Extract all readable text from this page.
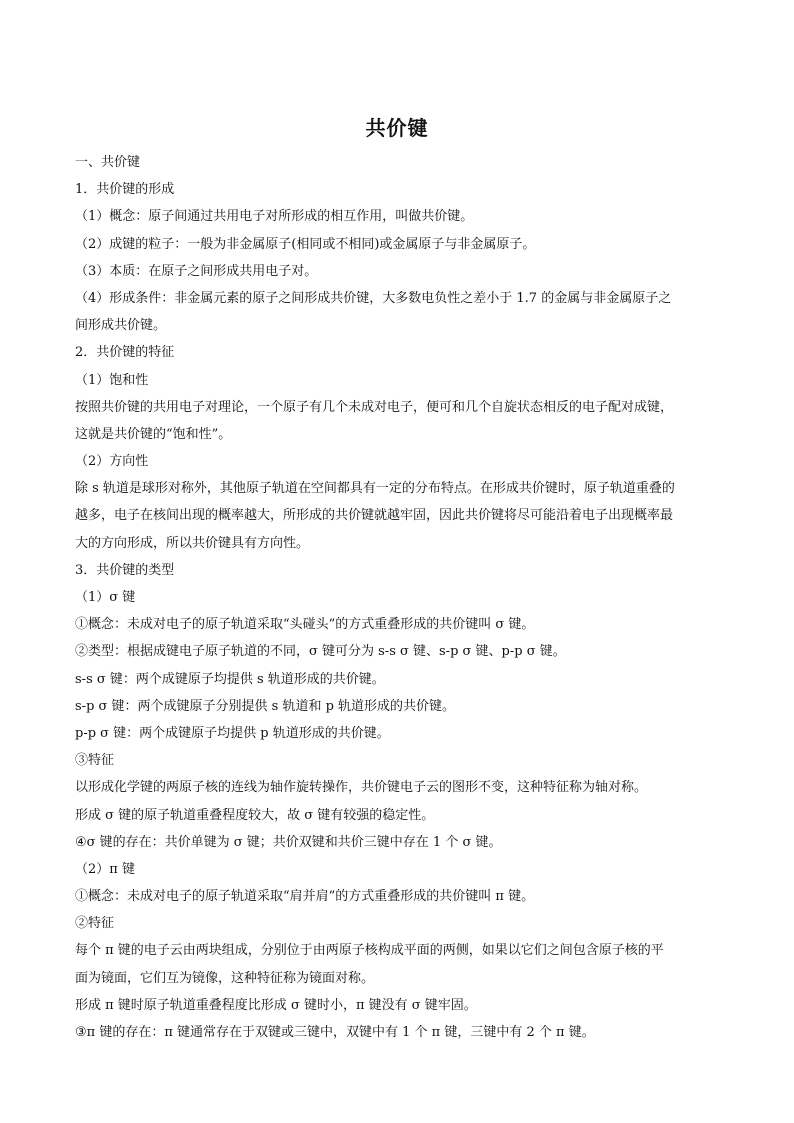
共价键
一、共价键
1．共价键的形成
（1）概念：原子间通过共用电子对所形成的相互作用，叫做共价键。
（2）成键的粒子：一般为非金属原子(相同或不相同)或金属原子与非金属原子。
（3）本质：在原子之间形成共用电子对。
（4）形成条件：非金属元素的原子之间形成共价键，大多数电负性之差小于 1.7 的金属与非金属原子之
间形成共价键。
2．共价键的特征
（1）饱和性
按照共价键的共用电子对理论，一个原子有几个未成对电子，便可和几个自旋状态相反的电子配对成键，
这就是共价键的“饱和性”。
（2）方向性
除 s 轨道是球形对称外，其他原子轨道在空间都具有一定的分布特点。在形成共价键时，原子轨道重叠的
越多，电子在核间出现的概率越大，所形成的共价键就越牢固，因此共价键将尽可能沿着电子出现概率最
大的方向形成，所以共价键具有方向性。
3．共价键的类型
（1）σ 键
①概念：未成对电子的原子轨道采取“头碰头”的方式重叠形成的共价键叫 σ 键。
②类型：根据成键电子原子轨道的不同，σ 键可分为 s-s σ 键、s-p σ 键、p-p σ 键。
s-s σ 键：两个成键原子均提供 s 轨道形成的共价键。
s-p σ 键：两个成键原子分别提供 s 轨道和 p 轨道形成的共价键。
p-p σ 键：两个成键原子均提供 p 轨道形成的共价键。
③特征
以形成化学键的两原子核的连线为轴作旋转操作，共价键电子云的图形不变，这种特征称为轴对称。
形成 σ 键的原子轨道重叠程度较大，故 σ 键有较强的稳定性。
④σ 键的存在：共价单键为 σ 键；共价双键和共价三键中存在 1 个 σ 键。
（2）π 键
①概念：未成对电子的原子轨道采取“肩并肩”的方式重叠形成的共价键叫 π 键。
②特征
每个 π 键的电子云由两块组成，分别位于由两原子核构成平面的两侧，如果以它们之间包含原子核的平
面为镜面，它们互为镜像，这种特征称为镜面对称。
形成 π 键时原子轨道重叠程度比形成 σ 键时小，π 键没有 σ 键牢固。
③π 键的存在：π 键通常存在于双键或三键中，双键中有 1 个 π 键，三键中有 2 个 π 键。
